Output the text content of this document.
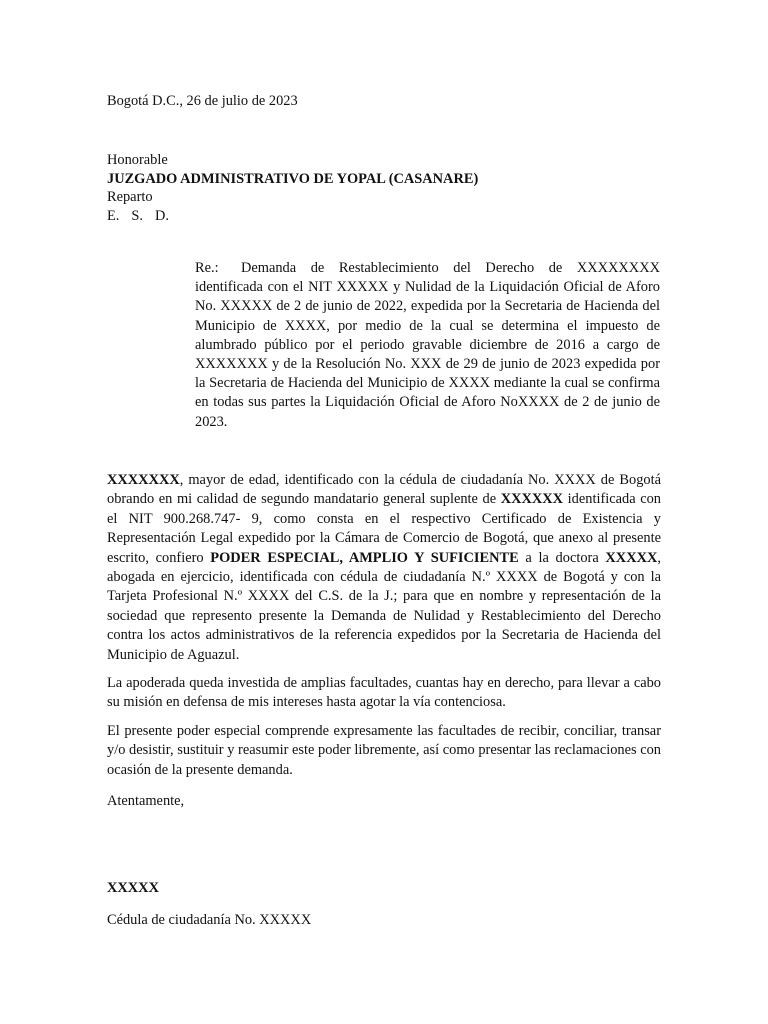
Bogotá D.C., 26 de julio de 2023
Honorable
JUZGADO ADMINISTRATIVO DE YOPAL (CASANARE)
Reparto
E. S. D.
Re.: Demanda de Restablecimiento del Derecho de XXXXXXXX identificada con el NIT XXXXX y Nulidad de la Liquidación Oficial de Aforo No. XXXXX de 2 de junio de 2022, expedida por la Secretaria de Hacienda del Municipio de XXXX, por medio de la cual se determina el impuesto de alumbrado público por el periodo gravable diciembre de 2016 a cargo de XXXXXXX y de la Resolución No. XXX de 29 de junio de 2023 expedida por la Secretaria de Hacienda del Municipio de XXXX mediante la cual se confirma en todas sus partes la Liquidación Oficial de Aforo NoXXXX de 2 de junio de 2023.

XXXXXXX, mayor de edad, identificado con la cédula de ciudadanía No. XXXX de Bogotá obrando en mi calidad de segundo mandatario general suplente de XXXXXX identificada con el NIT 900.268.747- 9, como consta en el respectivo Certificado de Existencia y Representación Legal expedido por la Cámara de Comercio de Bogotá, que anexo al presente escrito, confiero PODER ESPECIAL, AMPLIO Y SUFICIENTE a la doctora XXXXX, abogada en ejercicio, identificada con cédula de ciudadanía N.º XXXX de Bogotá y con la Tarjeta Profesional N.º XXXX del C.S. de la J.; para que en nombre y representación de la sociedad que represento presente la Demanda de Nulidad y Restablecimiento del Derecho contra los actos administrativos de la referencia expedidos por la Secretaria de Hacienda del Municipio de Aguazul.

La apoderada queda investida de amplias facultades, cuantas hay en derecho, para llevar a cabo su misión en defensa de mis intereses hasta agotar la vía contenciosa.

El presente poder especial comprende expresamente las facultades de recibir, conciliar, transar y/o desistir, sustituir y reasumir este poder libremente, así como presentar las reclamaciones con ocasión de la presente demanda.

Atentamente,
XXXXX
Cédula de ciudadanía No. XXXXX
